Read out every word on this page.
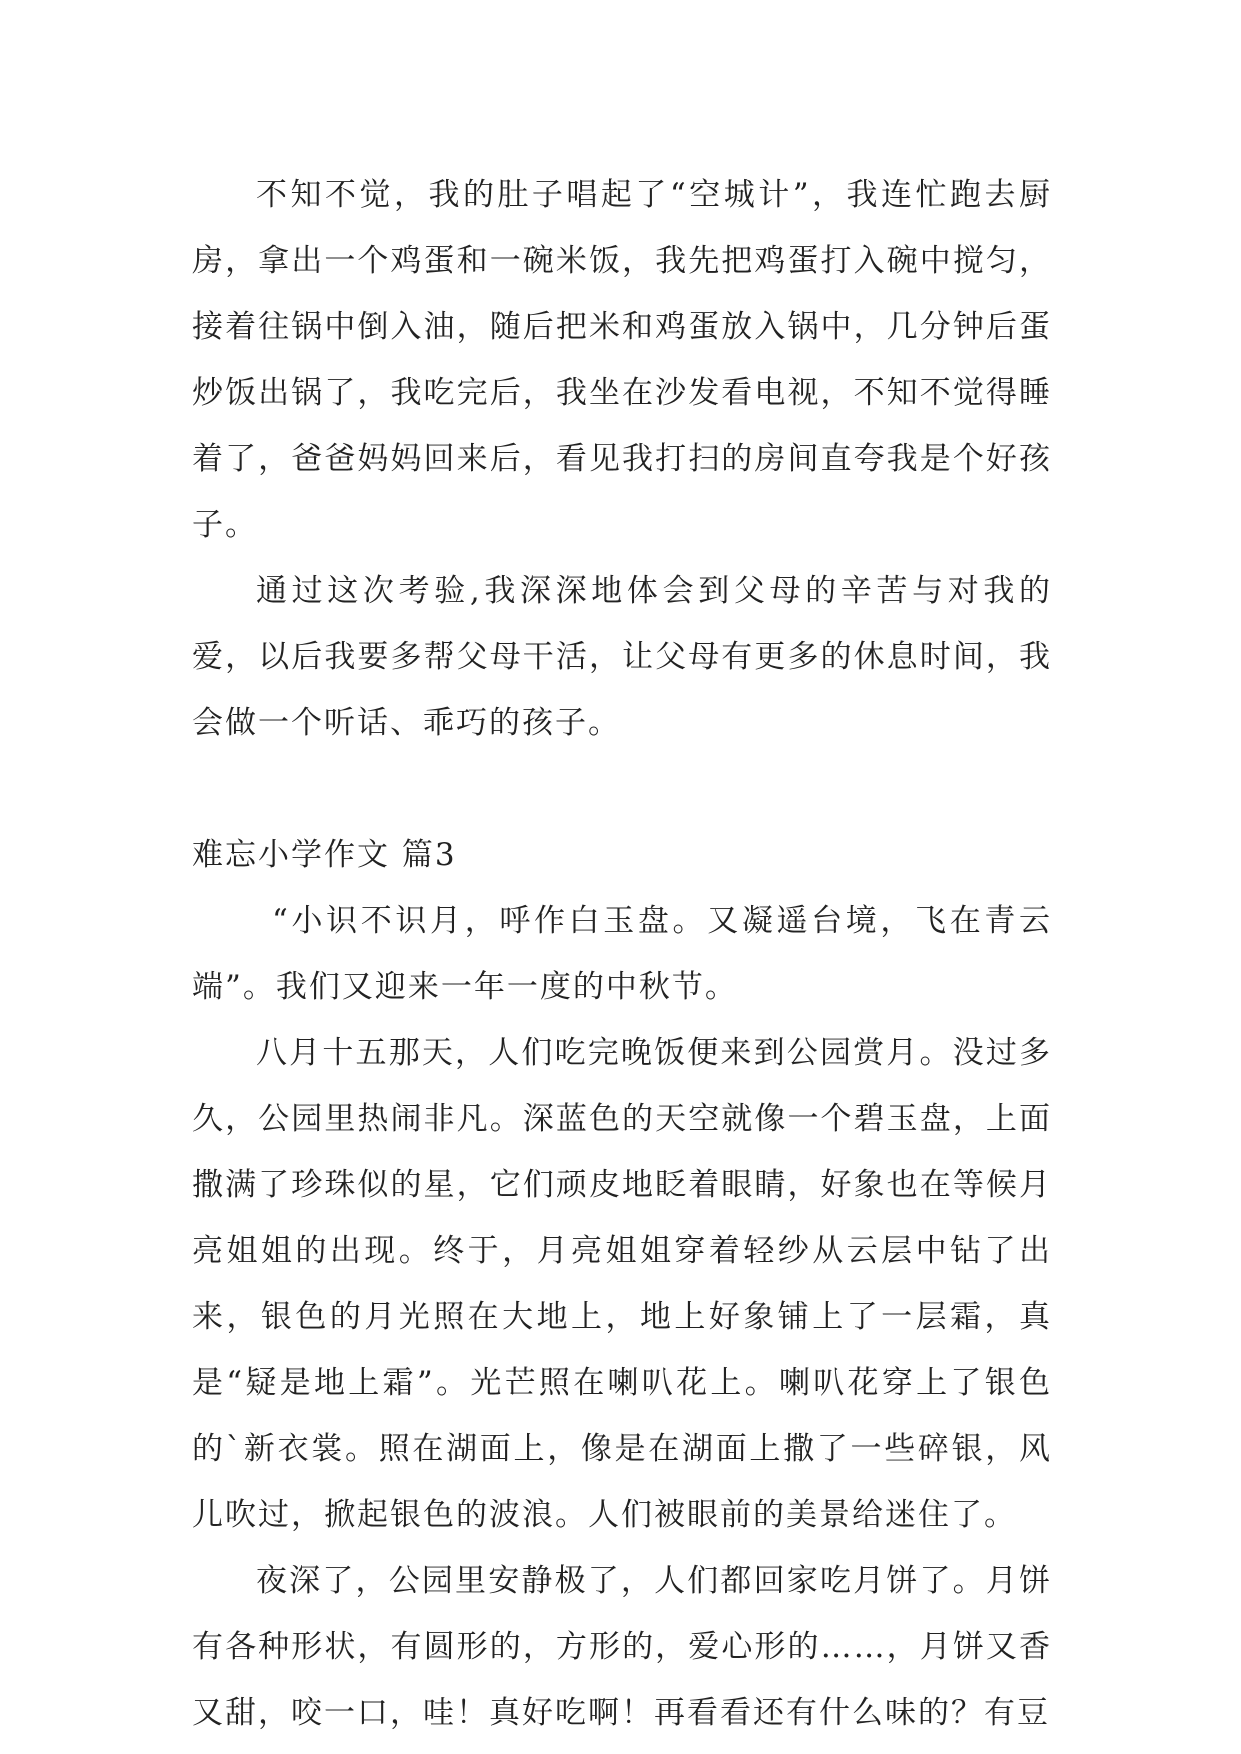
不知不觉，我的肚子唱起了“空城计”，我连忙跑去厨房，拿出一个鸡蛋和一碗米饭，我先把鸡蛋打入碗中搅匀，接着往锅中倒入油，随后把米和鸡蛋放入锅中，几分钟后蛋炒饭出锅了，我吃完后，我坐在沙发看电视，不知不觉得睡着了，爸爸妈妈回来后，看见我打扫的房间直夸我是个好孩子。

通过这次考验,我深深地体会到父母的辛苦与对我的爱，以后我要多帮父母干活，让父母有更多的休息时间，我会做一个听话、乖巧的孩子。

难忘小学作文 篇3

“小识不识月，呼作白玉盘。又凝遥台境，飞在青云端”。我们又迎来一年一度的中秋节。

八月十五那天，人们吃完晚饭便来到公园赏月。没过多久，公园里热闹非凡。深蓝色的天空就像一个碧玉盘，上面撒满了珍珠似的星，它们顽皮地眨着眼睛，好象也在等候月亮姐姐的出现。终于，月亮姐姐穿着轻纱从云层中钻了出来，银色的月光照在大地上，地上好象铺上了一层霜，真是“疑是地上霜”。光芒照在喇叭花上。喇叭花穿上了银色的`新衣裳。照在湖面上，像是在湖面上撒了一些碎银，风儿吹过，掀起银色的波浪。人们被眼前的美景给迷住了。

夜深了，公园里安静极了，人们都回家吃月饼了。月饼有各种形状，有圆形的，方形的，爱心形的……，月饼又香又甜，咬一口，哇！真好吃啊！再看看还有什么味的？有豆
